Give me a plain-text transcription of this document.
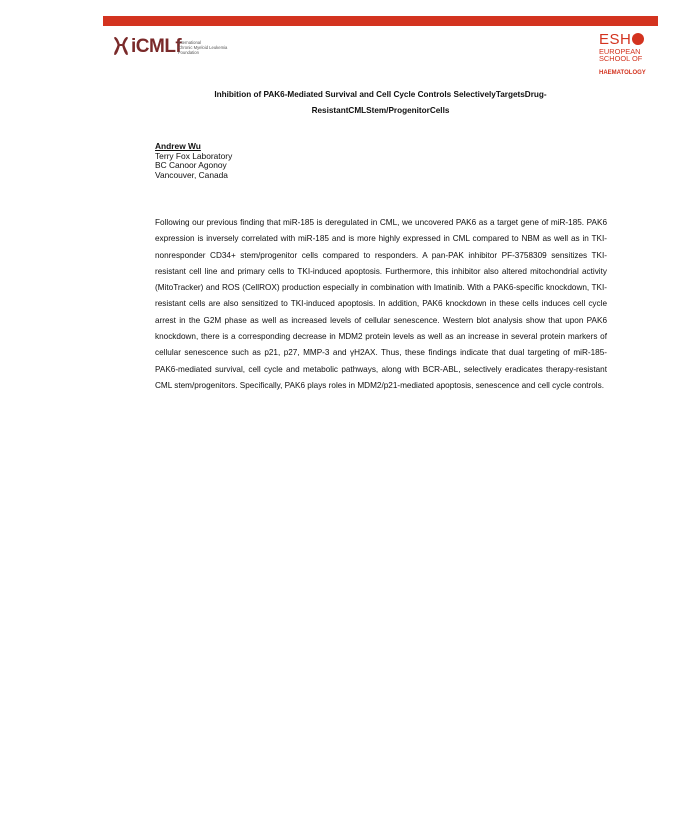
iCMLf
International
Chronic Myeloid Leukemia
Foundation
ESH
EUROPEAN
SCHOOL OF
HAEMATOLOGY
Inhibition of PAK6-Mediated Survival and Cell Cycle Controls SelectivelyTargetsDrug-
ResistantCMLStem/ProgenitorCells
Andrew Wu
Terry Fox Laboratory
BC Canoor Agonoy
Vancouver, Canada
Following our previous finding that miR-185 is deregulated in CML, we uncovered PAK6 as a target gene of miR-185. PAK6 expression is inversely correlated with miR-185 and is more highly expressed in CML compared to NBM as well as in TKI-nonresponder CD34+ stem/progenitor cells compared to responders. A pan-PAK inhibitor PF-3758309 sensitizes TKI-resistant cell line and primary cells to TKI-induced apoptosis. Furthermore, this inhibitor also altered mitochondrial activity (MitoTracker) and ROS (CellROX) production especially in combination with Imatinib. With a PAK6-specific knockdown, TKI-resistant cells are also sensitized to TKI-induced apoptosis. In addition, PAK6 knockdown in these cells induces cell cycle arrest in the G2M phase as well as increased levels of cellular senescence. Western blot analysis show that upon PAK6 knockdown, there is a corresponding decrease in MDM2 protein levels as well as an increase in several protein markers of cellular senescence such as p21, p27, MMP-3 and γH2AX. Thus, these findings indicate that dual targeting of miR-185-PAK6-mediated survival, cell cycle and metabolic pathways, along with BCR-ABL, selectively eradicates therapy-resistant CML stem/progenitors. Specifically, PAK6 plays roles in MDM2/p21-mediated apoptosis, senescence and cell cycle controls.
